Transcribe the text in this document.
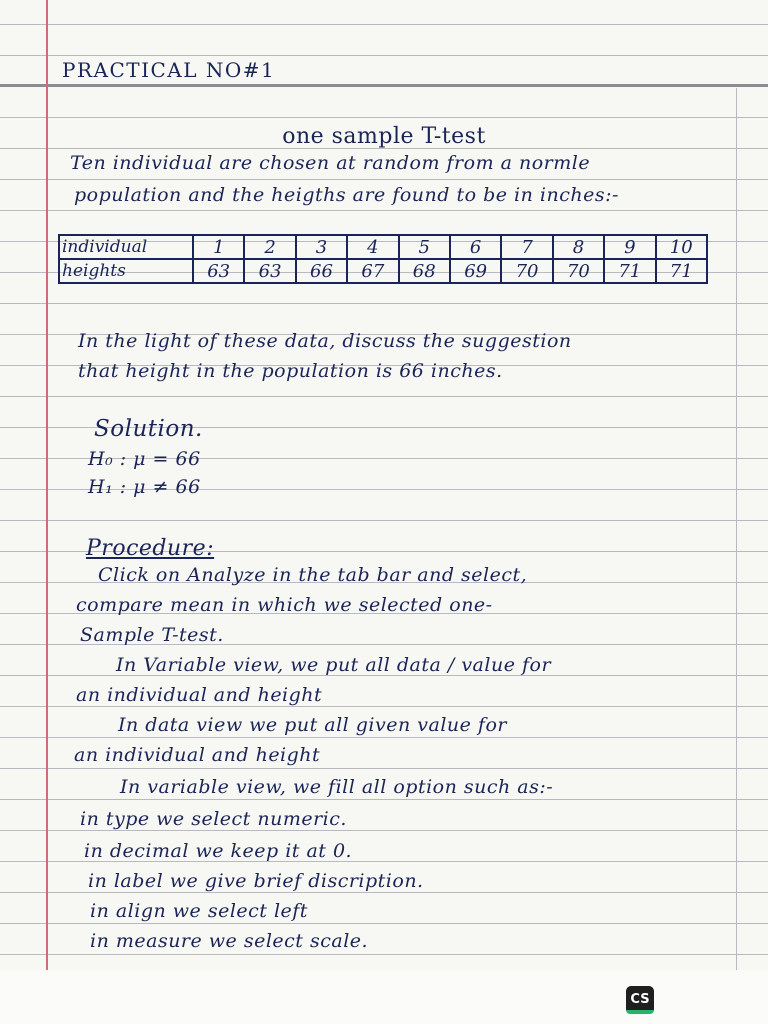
PRACTICAL NO#1
one sample T-test
Ten individual are chosen at random from a normle
population and the heigths are found to be in inches:-
individual	1	2	3	4	5	6	7	8	9	10
heights	63	63	66	67	68	69	70	70	71	71
In the light of these data, discuss the suggestion
that height in the population is 66 inches.
Solution.
H₀ : μ = 66
H₁ : μ ≠ 66
Procedure:
Click on Analyze in the tab bar and select,
compare mean in which we selected one-
Sample T-test.
In Variable view, we put all data / value for
an individual and height
In data view we put all given value for
an individual and height
In variable view, we fill all option such as:-
in type we select numeric.
in decimal we keep it at 0.
in label we give brief discription.
in align we select left
in measure we select scale.
CS
